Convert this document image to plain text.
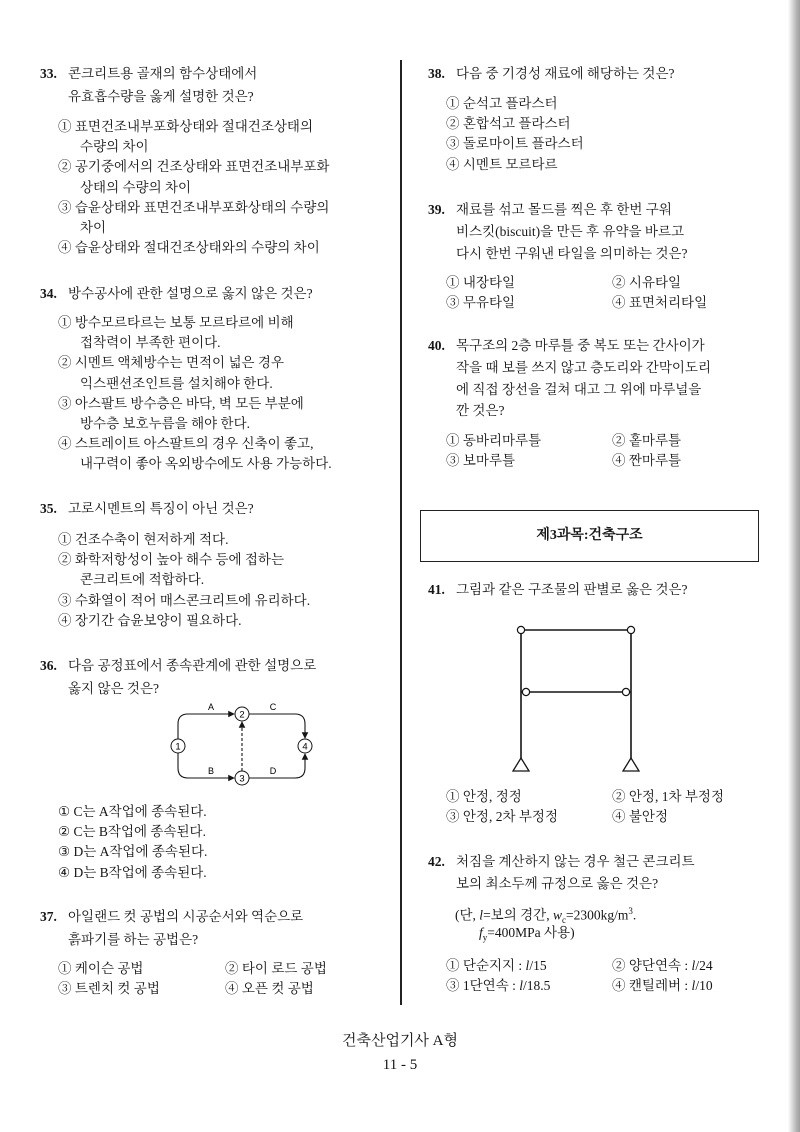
33. 콘크리트용 골재의 함수상태에서
유효흡수량을 옳게 설명한 것은?
① 표면건조내부포화상태와 절대건조상태의
수량의 차이
② 공기중에서의 건조상태와 표면건조내부포화
상태의 수량의 차이
③ 습윤상태와 표면건조내부포화상태의 수량의
차이
④ 습윤상태와 절대건조상태와의 수량의 차이
34. 방수공사에 관한 설명으로 옳지 않은 것은?
① 방수모르타르는 보통 모르타르에 비해
접착력이 부족한 편이다.
② 시멘트 액체방수는 면적이 넓은 경우
익스팬션조인트를 설치해야 한다.
③ 아스팔트 방수층은 바닥, 벽 모든 부분에
방수층 보호누름을 해야 한다.
④ 스트레이트 아스팔트의 경우 신축이 좋고,
내구력이 좋아 옥외방수에도 사용 가능하다.
35. 고로시멘트의 특징이 아닌 것은?
① 건조수축이 현저하게 적다.
② 화학저항성이 높아 해수 등에 접하는
콘크리트에 적합하다.
③ 수화열이 적어 매스콘크리트에 유리하다.
④ 장기간 습윤보양이 필요하다.
36. 다음 공정표에서 종속관계에 관한 설명으로
옳지 않은 것은?
1
2
3
4
A	C
B	D
① C는 A작업에 종속된다.
② C는 B작업에 종속된다.
③ D는 A작업에 종속된다.
④ D는 B작업에 종속된다.
37. 아일랜드 컷 공법의 시공순서와 역순으로
흙파기를 하는 공법은?
① 케이슨 공법	② 타이 로드 공법
③ 트렌치 컷 공법	④ 오픈 컷 공법
38. 다음 중 기경성 재료에 해당하는 것은?
① 순석고 플라스터
② 혼합석고 플라스터
③ 돌로마이트 플라스터
④ 시멘트 모르타르
39. 재료를 섞고 몰드를 찍은 후 한번 구워
비스킷(biscuit)을 만든 후 유약을 바르고
다시 한번 구워낸 타일을 의미하는 것은?
① 내장타일	② 시유타일
③ 무유타일	④ 표면처리타일
40. 목구조의 2층 마루틀 중 복도 또는 간사이가
작을 때 보를 쓰지 않고 층도리와 간막이도리
에 직접 장선을 걸쳐 대고 그 위에 마루널을
깐 것은?
① 동바리마루틀	② 홑마루틀
③ 보마루틀	④ 짠마루틀
제3과목:건축구조
41. 그림과 같은 구조물의 판별로 옳은 것은?
① 안정, 정정	② 안정, 1차 부정정
③ 안정, 2차 부정정	④ 불안정
42. 처짐을 계산하지 않는 경우 철근 콘크리트
보의 최소두께 규정으로 옳은 것은?
(단, l=보의 경간, $w_c=2300kg/m^3$.
$f_y=400MPa$ 사용)
① 단순지지 : l/15	② 양단연속 : l/24
③ 1단연속 : l/18.5	④ 캔틸레버 : l/10
건축산업기사 A형
11 - 5
